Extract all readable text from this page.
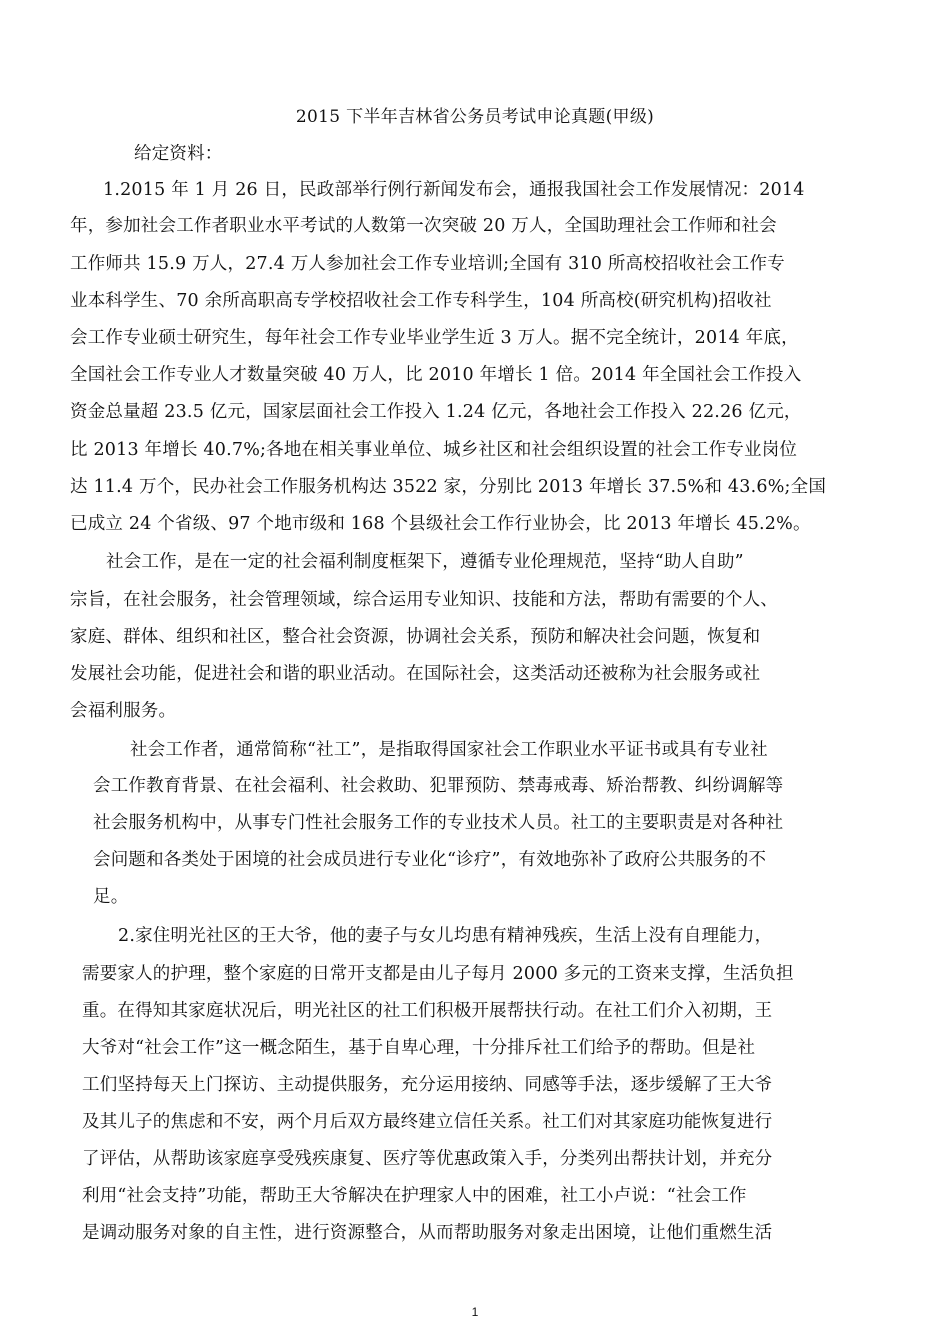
2015 下半年吉林省公务员考试申论真题(甲级)
给定资料：
1.2015 年 1 月 26 日，民政部举行例行新闻发布会，通报我国社会工作发展情况：2014
年，参加社会工作者职业水平考试的人数第一次突破 20 万人，全国助理社会工作师和社会
工作师共 15.9 万人，27.4 万人参加社会工作专业培训;全国有 310 所高校招收社会工作专
业本科学生、70 余所高职高专学校招收社会工作专科学生，104 所高校(研究机构)招收社
会工作专业硕士研究生，每年社会工作专业毕业学生近 3 万人。据不完全统计，2014 年底，
全国社会工作专业人才数量突破 40 万人，比 2010 年增长 1 倍。2014 年全国社会工作投入
资金总量超 23.5 亿元，国家层面社会工作投入 1.24 亿元，各地社会工作投入 22.26 亿元，
比 2013 年增长 40.7%;各地在相关事业单位、城乡社区和社会组织设置的社会工作专业岗位
达 11.4 万个，民办社会工作服务机构达 3522 家，分别比 2013 年增长 37.5%和 43.6%;全国
已成立 24 个省级、97 个地市级和 168 个县级社会工作行业协会，比 2013 年增长 45.2%。
社会工作，是在一定的社会福利制度框架下，遵循专业伦理规范，坚持“助人自助”
宗旨，在社会服务，社会管理领域，综合运用专业知识、技能和方法，帮助有需要的个人、
家庭、群体、组织和社区，整合社会资源，协调社会关系，预防和解决社会问题，恢复和
发展社会功能，促进社会和谐的职业活动。在国际社会，这类活动还被称为社会服务或社
会福利服务。
社会工作者，通常简称“社工”，是指取得国家社会工作职业水平证书或具有专业社
会工作教育背景、在社会福利、社会救助、犯罪预防、禁毒戒毒、矫治帮教、纠纷调解等
社会服务机构中，从事专门性社会服务工作的专业技术人员。社工的主要职责是对各种社
会问题和各类处于困境的社会成员进行专业化“诊疗”，有效地弥补了政府公共服务的不
足。
2.家住明光社区的王大爷，他的妻子与女儿均患有精神残疾，生活上没有自理能力，
需要家人的护理，整个家庭的日常开支都是由儿子每月 2000 多元的工资来支撑，生活负担
重。在得知其家庭状况后，明光社区的社工们积极开展帮扶行动。在社工们介入初期，王
大爷对“社会工作”这一概念陌生，基于自卑心理，十分排斥社工们给予的帮助。但是社
工们坚持每天上门探访、主动提供服务，充分运用接纳、同感等手法，逐步缓解了王大爷
及其儿子的焦虑和不安，两个月后双方最终建立信任关系。社工们对其家庭功能恢复进行
了评估，从帮助该家庭享受残疾康复、医疗等优惠政策入手，分类列出帮扶计划，并充分
利用“社会支持”功能，帮助王大爷解决在护理家人中的困难，社工小卢说：“社会工作
是调动服务对象的自主性，进行资源整合，从而帮助服务对象走出困境，让他们重燃生活
1
